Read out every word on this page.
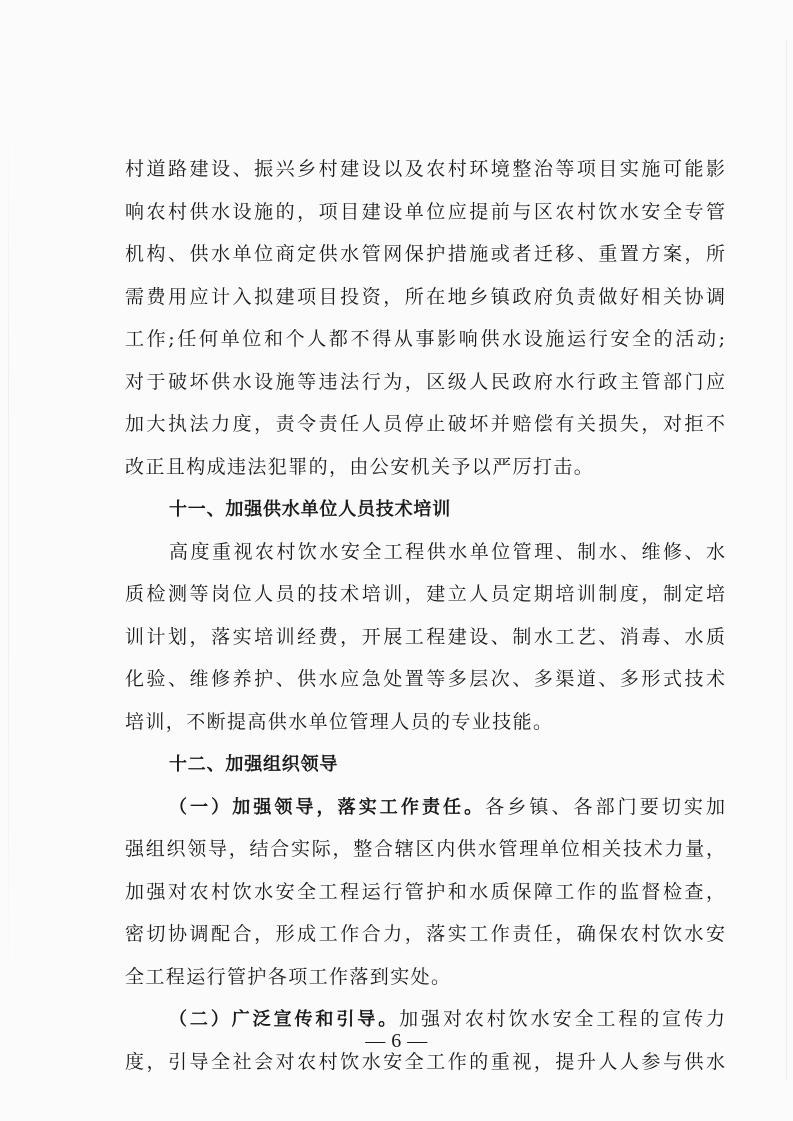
村道路建设、振兴乡村建设以及农村环境整治等项目实施可能影
响农村供水设施的，项目建设单位应提前与区农村饮水安全专管
机构、供水单位商定供水管网保护措施或者迁移、重置方案，所
需费用应计入拟建项目投资，所在地乡镇政府负责做好相关协调
工作;任何单位和个人都不得从事影响供水设施运行安全的活动;
对于破坏供水设施等违法行为，区级人民政府水行政主管部门应
加大执法力度，责令责任人员停止破坏并赔偿有关损失，对拒不
改正且构成违法犯罪的，由公安机关予以严厉打击。
十一、加强供水单位人员技术培训
高度重视农村饮水安全工程供水单位管理、制水、维修、水
质检测等岗位人员的技术培训，建立人员定期培训制度，制定培
训计划，落实培训经费，开展工程建设、制水工艺、消毒、水质
化验、维修养护、供水应急处置等多层次、多渠道、多形式技术
培训，不断提高供水单位管理人员的专业技能。
十二、加强组织领导
（一）加强领导，落实工作责任。各乡镇、各部门要切实加
强组织领导，结合实际，整合辖区内供水管理单位相关技术力量，
加强对农村饮水安全工程运行管护和水质保障工作的监督检查，
密切协调配合，形成工作合力，落实工作责任，确保农村饮水安
全工程运行管护各项工作落到实处。
（二）广泛宣传和引导。加强对农村饮水安全工程的宣传力
度，引导全社会对农村饮水安全工作的重视，提升人人参与供水
— 6 —
